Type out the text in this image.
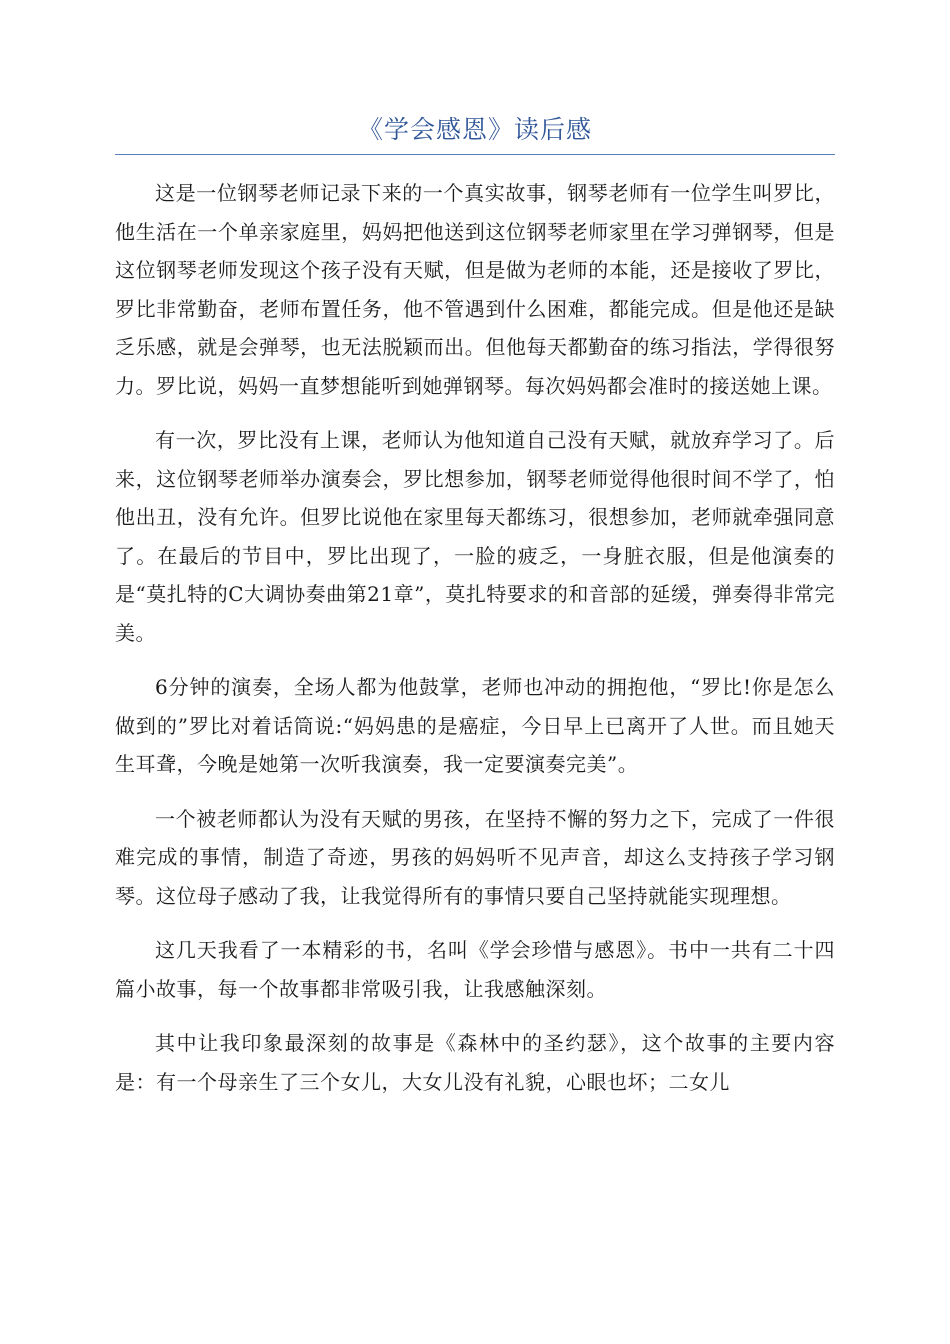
《学会感恩》读后感

这是一位钢琴老师记录下来的一个真实故事，钢琴老师有一位学生叫罗比，他生活在一个单亲家庭里，妈妈把他送到这位钢琴老师家里在学习弹钢琴，但是这位钢琴老师发现这个孩子没有天赋，但是做为老师的本能，还是接收了罗比，罗比非常勤奋，老师布置任务，他不管遇到什么困难，都能完成。但是他还是缺乏乐感，就是会弹琴，也无法脱颖而出。但他每天都勤奋的练习指法，学得很努力。罗比说，妈妈一直梦想能听到她弹钢琴。每次妈妈都会准时的接送她上课。

有一次，罗比没有上课，老师认为他知道自己没有天赋，就放弃学习了。后来，这位钢琴老师举办演奏会，罗比想参加，钢琴老师觉得他很时间不学了，怕他出丑，没有允许。但罗比说他在家里每天都练习，很想参加，老师就牵强同意了。在最后的节目中，罗比出现了，一脸的疲乏，一身脏衣服，但是他演奏的是“莫扎特的C大调协奏曲第21章”，莫扎特要求的和音部的延缓，弹奏得非常完美。

6分钟的演奏，全场人都为他鼓掌，老师也冲动的拥抱他，“罗比!你是怎么做到的”罗比对着话筒说:“妈妈患的是癌症，今日早上已离开了人世。而且她天生耳聋，今晚是她第一次听我演奏，我一定要演奏完美”。

一个被老师都认为没有天赋的男孩，在坚持不懈的努力之下，完成了一件很难完成的事情，制造了奇迹，男孩的妈妈听不见声音，却这么支持孩子学习钢琴。这位母子感动了我，让我觉得所有的事情只要自己坚持就能实现理想。

这几天我看了一本精彩的书，名叫《学会珍惜与感恩》。书中一共有二十四篇小故事，每一个故事都非常吸引我，让我感触深刻。

其中让我印象最深刻的故事是《森林中的圣约瑟》，这个故事的主要内容是：有一个母亲生了三个女儿，大女儿没有礼貌，心眼也坏；二女儿
